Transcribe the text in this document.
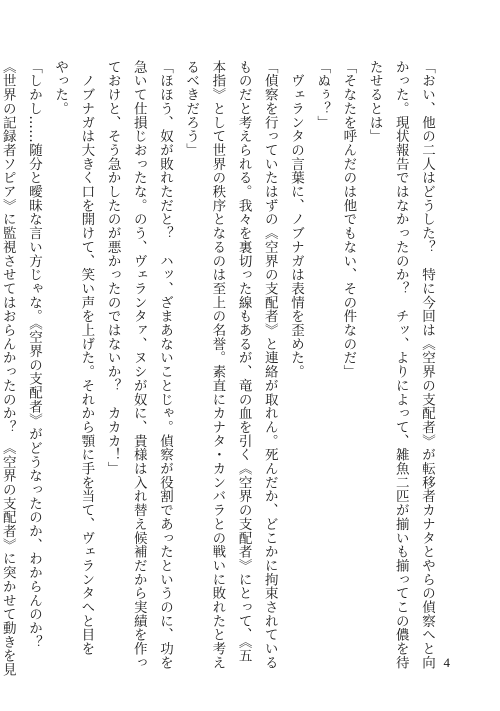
「おい、他の二人はどうした？　特に今回は《空界の支配者》が転移者カナタとやらの偵察へと向
かった。現状報告ではなかったのか？　チッ、よりによって、雑魚二匹が揃いも揃ってこの儂を待
たせるとは」
「そなたを呼んだのは他でもない、その件なのだ」
「ぬぅ？」
　ヴェランタの言葉に、ノブナガは表情を歪めた。
「偵察を行っていたはずの《空界の支配者》と連絡が取れん。死んだか、どこかに拘束されている
ものだと考えられる。我々を裏切った線もあるが、竜の血を引く《空界の支配者》にとって、《五
本指》として世界の秩序となるのは至上の名誉。素直にカナタ・カンバラとの戦いに敗れたと考え
るべきだろう」
「ほほう、奴が敗れただと？　ハッ、ざまあないことじゃ。偵察が役割であったというのに、功を
急いて仕損じおったな。のう、ヴェランタァ、ヌシが奴に、貴様は入れ替え候補だから実績を作っ
ておけと、そう急かしたのが悪かったのではないか？　カカカ！」
　ノブナガは大きく口を開けて、笑い声を上げた。それから顎に手を当て、ヴェランタへと目を
やった。
「しかし……随分と曖昧な言い方じゃな。《空界の支配者》がどうなったのか、わからんのか？
《世界の記録者ソピア》に監視させてはおらんかったのか？　《空界の支配者》に突かせて動きを見	4
